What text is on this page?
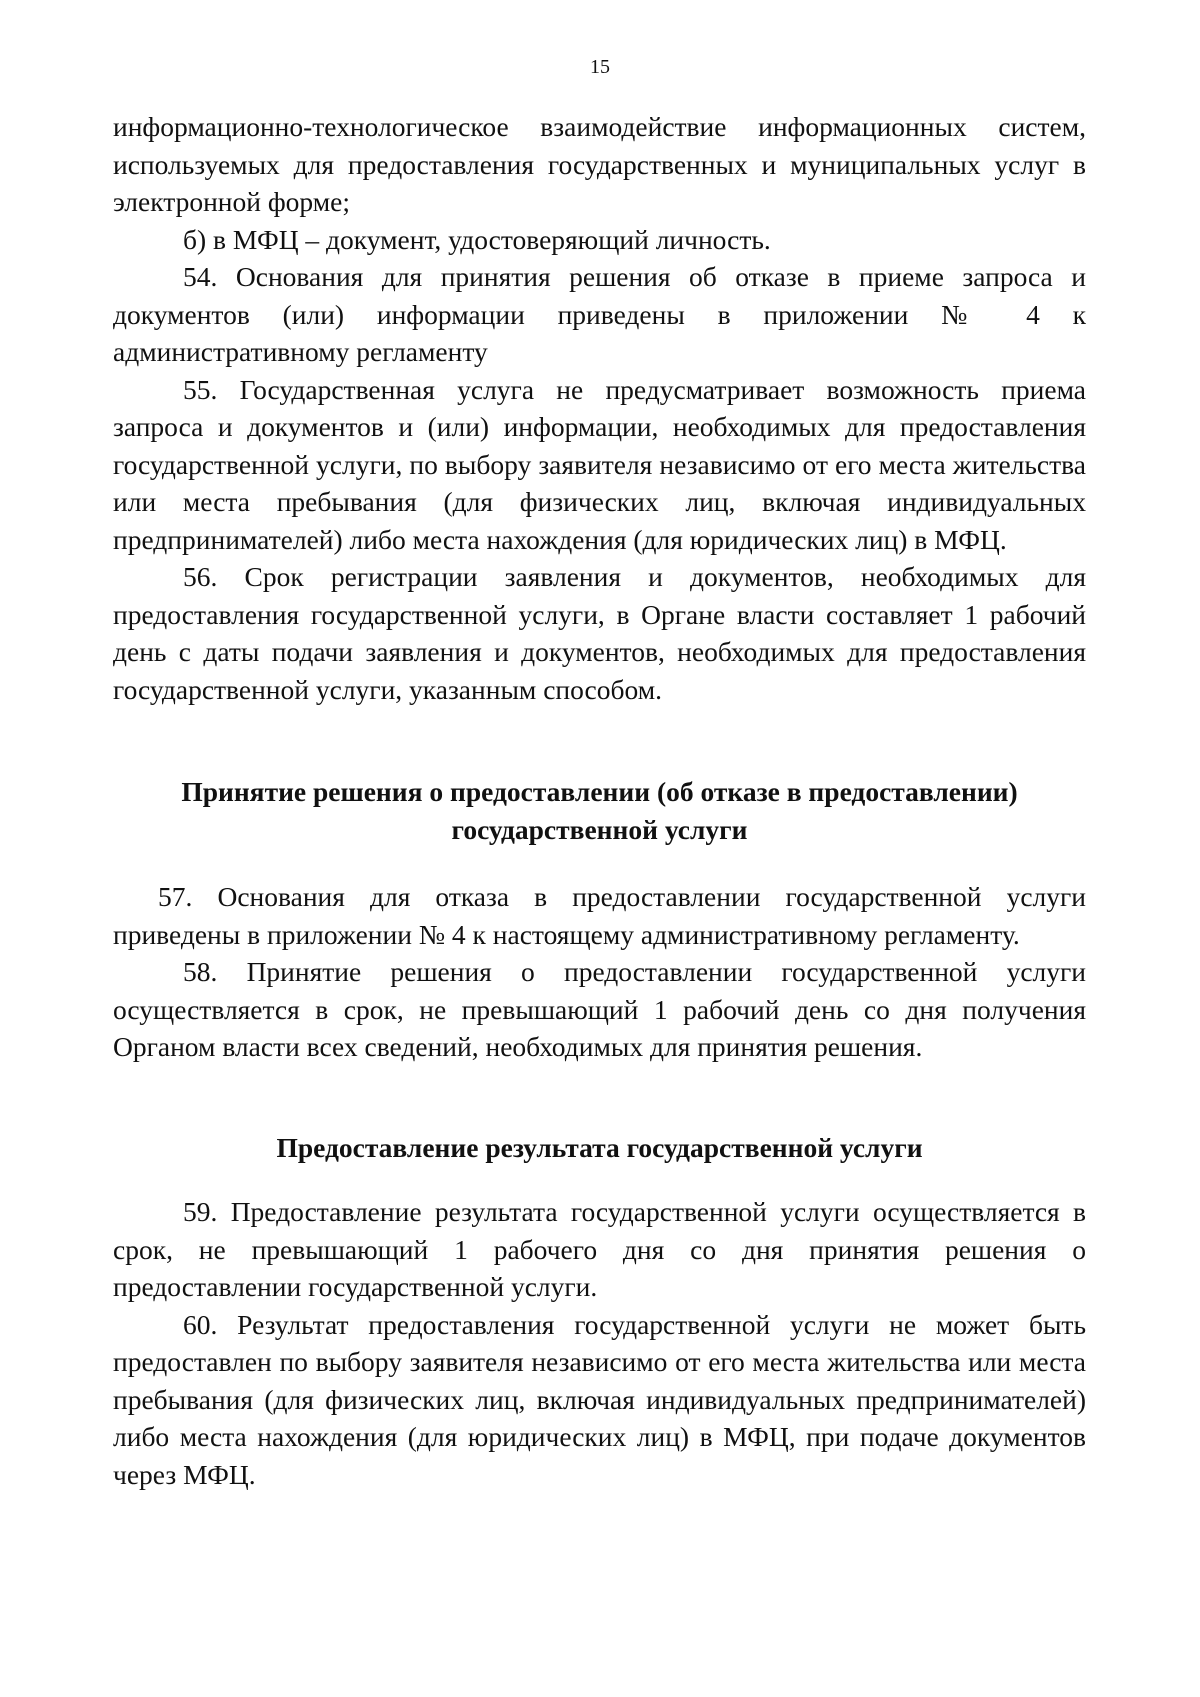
15

информационно-технологическое взаимодействие информационных систем, используемых для предоставления государственных и муниципальных услуг в электронной форме;

б) в МФЦ – документ, удостоверяющий личность.

54. Основания для принятия решения об отказе в приеме запроса и документов (или) информации приведены в приложении № 4 к административному регламенту

55. Государственная услуга не предусматривает возможность приема запроса и документов и (или) информации, необходимых для предоставления государственной услуги, по выбору заявителя независимо от его места жительства или места пребывания (для физических лиц, включая индивидуальных предпринимателей) либо места нахождения (для юридических лиц) в МФЦ.

56. Срок регистрации заявления и документов, необходимых для предоставления государственной услуги, в Органе власти составляет 1 рабочий день с даты подачи заявления и документов, необходимых для предоставления государственной услуги, указанным способом.

Принятие решения о предоставлении (об отказе в предоставлении)
государственной услуги

57. Основания для отказа в предоставлении государственной услуги приведены в приложении № 4 к настоящему административному регламенту.

58. Принятие решения о предоставлении государственной услуги осуществляется в срок, не превышающий 1 рабочий день со дня получения Органом власти всех сведений, необходимых для принятия решения.

Предоставление результата государственной услуги

59. Предоставление результата государственной услуги осуществляется в срок, не превышающий 1 рабочего дня со дня принятия решения о предоставлении государственной услуги.

60. Результат предоставления государственной услуги не может быть предоставлен по выбору заявителя независимо от его места жительства или места пребывания (для физических лиц, включая индивидуальных предпринимателей) либо места нахождения (для юридических лиц) в МФЦ, при подаче документов через МФЦ.
